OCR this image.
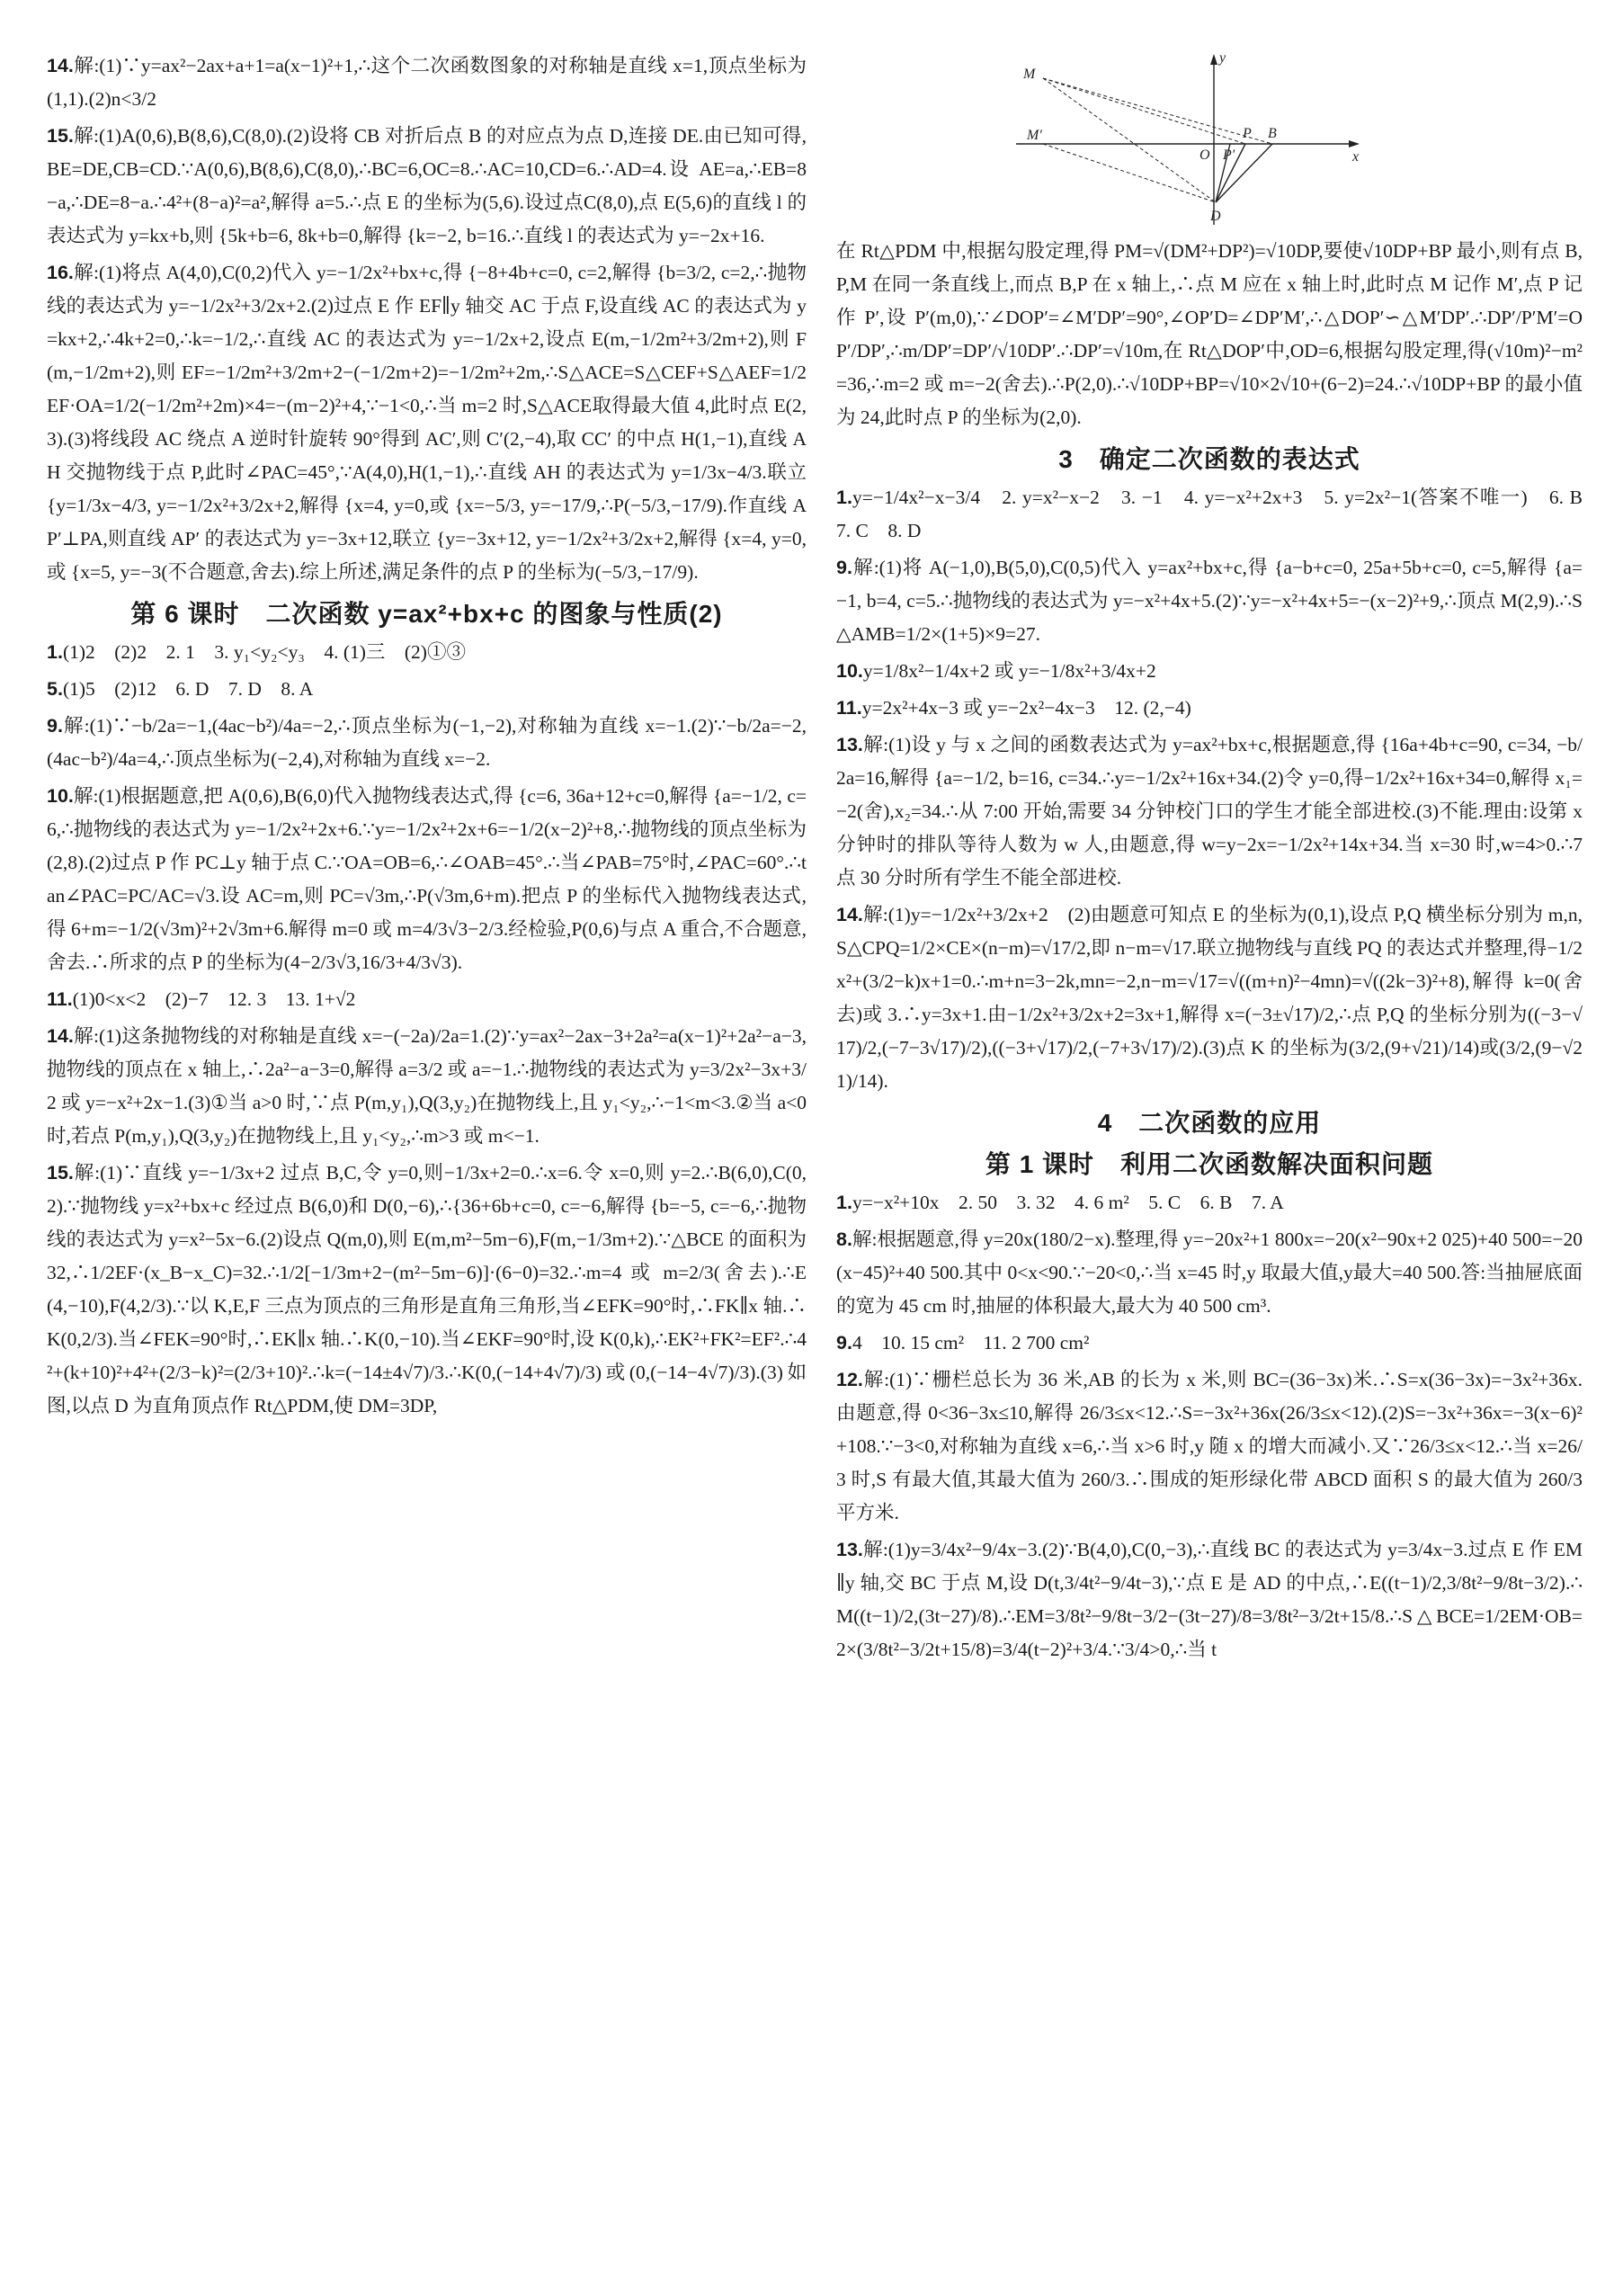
14.解:(1)∵y=ax²−2ax+a+1=a(x−1)²+1,∴这个二次函数图象的对称轴是直线 x=1,顶点坐标为(1,1).(2)n<3/2

15.解:(1)A(0,6),B(8,6),C(8,0).(2)设将 CB 对折后点 B 的对应点为点 D,连接 DE.由已知可得,BE=DE,CB=CD.∵A(0,6),B(8,6),C(8,0),∴BC=6,OC=8.∴AC=10,CD=6.∴AD=4.设 AE=a,∴EB=8−a,∴DE=8−a.∴4²+(8−a)²=a²,解得 a=5.∴点 E 的坐标为(5,6).设过点C(8,0),点 E(5,6)的直线 l 的表达式为 y=kx+b,则 {5k+b=6, 8k+b=0,解得 {k=−2, b=16.∴直线 l 的表达式为 y=−2x+16.

16.解:(1)将点 A(4,0),C(0,2)代入 y=−1/2x²+bx+c,得 {−8+4b+c=0, c=2,解得 {b=3/2, c=2,∴抛物线的表达式为 y=−1/2x²+3/2x+2.(2)过点 E 作 EF∥y 轴交 AC 于点 F,设直线 AC 的表达式为 y=kx+2,∴4k+2=0,∴k=−1/2,∴直线 AC 的表达式为 y=−1/2x+2,设点 E(m,−1/2m²+3/2m+2),则 F(m,−1/2m+2),则 EF=−1/2m²+3/2m+2−(−1/2m+2)=−1/2m²+2m,∴S△ACE=S△CEF+S△AEF=1/2EF·OA=1/2(−1/2m²+2m)×4=−(m−2)²+4,∵−1<0,∴当 m=2 时,S△ACE取得最大值 4,此时点 E(2,3).(3)将线段 AC 绕点 A 逆时针旋转 90°得到 AC′,则 C′(2,−4),取 CC′ 的中点 H(1,−1),直线 AH 交抛物线于点 P,此时∠PAC=45°,∵A(4,0),H(1,−1),∴直线 AH 的表达式为 y=1/3x−4/3.联立 {y=1/3x−4/3, y=−1/2x²+3/2x+2,解得 {x=4, y=0,或 {x=−5/3, y=−17/9,∴P(−5/3,−17/9).作直线 AP′⊥PA,则直线 AP′ 的表达式为 y=−3x+12,联立 {y=−3x+12, y=−1/2x²+3/2x+2,解得 {x=4, y=0,或 {x=5, y=−3(不合题意,舍去).综上所述,满足条件的点 P 的坐标为(−5/3,−17/9).

第 6 课时　二次函数 y=ax²+bx+c 的图象与性质(2)

1.(1)2　(2)2　2. 1　3. y₁<y₂<y₃　4. (1)三　(2)①③

5.(1)5　(2)12　6. D　7. D　8. A

9.解:(1)∵−b/2a=−1,(4ac−b²)/4a=−2,∴顶点坐标为(−1,−2),对称轴为直线 x=−1.(2)∵−b/2a=−2,(4ac−b²)/4a=4,∴顶点坐标为(−2,4),对称轴为直线 x=−2.

10.解:(1)根据题意,把 A(0,6),B(6,0)代入抛物线表达式,得 {c=6, 36a+12+c=0,解得 {a=−1/2, c=6,∴抛物线的表达式为 y=−1/2x²+2x+6.∵y=−1/2x²+2x+6=−1/2(x−2)²+8,∴抛物线的顶点坐标为(2,8).(2)过点 P 作 PC⊥y 轴于点 C.∵OA=OB=6,∴∠OAB=45°.∴当∠PAB=75°时,∠PAC=60°.∴tan∠PAC=PC/AC=√3.设 AC=m,则 PC=√3m,∴P(√3m,6+m).把点 P 的坐标代入抛物线表达式,得 6+m=−1/2(√3m)²+2√3m+6.解得 m=0 或 m=4/3√3−2/3.经检验,P(0,6)与点 A 重合,不合题意,舍去.∴所求的点 P 的坐标为(4−2/3√3,16/3+4/3√3).

11.(1)0<x<2　(2)−7　12. 3　13. 1+√2

14.解:(1)这条抛物线的对称轴是直线 x=−(−2a)/2a=1.(2)∵y=ax²−2ax−3+2a²=a(x−1)²+2a²−a−3,抛物线的顶点在 x 轴上,∴2a²−a−3=0,解得 a=3/2 或 a=−1.∴抛物线的表达式为 y=3/2x²−3x+3/2 或 y=−x²+2x−1.(3)①当 a>0 时,∵点 P(m,y₁),Q(3,y₂)在抛物线上,且 y₁<y₂,∴−1<m<3.②当 a<0 时,若点 P(m,y₁),Q(3,y₂)在抛物线上,且 y₁<y₂,∴m>3 或 m<−1.

15.解:(1)∵直线 y=−1/3x+2 过点 B,C,令 y=0,则−1/3x+2=0.∴x=6.令 x=0,则 y=2.∴B(6,0),C(0,2).∵抛物线 y=x²+bx+c 经过点 B(6,0)和 D(0,−6),∴{36+6b+c=0, c=−6,解得 {b=−5, c=−6,∴抛物线的表达式为 y=x²−5x−6.(2)设点 Q(m,0),则 E(m,m²−5m−6),F(m,−1/3m+2).∵△BCE 的面积为 32,∴1/2EF·(x_B−x_C)=32.∴1/2[−1/3m+2−(m²−5m−6)]·(6−0)=32.∴m=4 或 m=2/3(舍去).∴E(4,−10),F(4,2/3).∵以 K,E,F 三点为顶点的三角形是直角三角形,当∠EFK=90°时,∴FK∥x 轴.∴K(0,2/3).当∠FEK=90°时,∴EK∥x 轴.∴K(0,−10).当∠EKF=90°时,设 K(0,k),∴EK²+FK²=EF².∴4²+(k+10)²+4²+(2/3−k)²=(2/3+10)².∴k=(−14±4√7)/3.∴K(0,(−14+4√7)/3)或(0,(−14−4√7)/3).(3)如图,以点 D 为直角顶点作 Rt△PDM,使 DM=3DP,

M
M′
y
P B
O P′	x
D

在 Rt△PDM 中,根据勾股定理,得 PM=√(DM²+DP²)=√10DP,要使√10DP+BP 最小,则有点 B,P,M 在同一条直线上,而点 B,P 在 x 轴上,∴点 M 应在 x 轴上时,此时点 M 记作 M′,点 P 记作 P′,设 P′(m,0),∵∠DOP′=∠M′DP′=90°,∠OP′D=∠DP′M′,∴△DOP′∽△M′DP′.∴DP′/P′M′=OP′/DP′,∴m/DP′=DP′/√10DP′.∴DP′=√10m,在 Rt△DOP′中,OD=6,根据勾股定理,得(√10m)²−m²=36,∴m=2 或 m=−2(舍去).∴P(2,0).∴√10DP+BP=√10×2√10+(6−2)=24.∴√10DP+BP 的最小值为 24,此时点 P 的坐标为(2,0).

3　确定二次函数的表达式

1.y=−1/4x²−x−3/4　2. y=x²−x−2　3. −1　4. y=−x²+2x+3　5. y=2x²−1(答案不唯一)　6. B　7. C　8. D

9.解:(1)将 A(−1,0),B(5,0),C(0,5)代入 y=ax²+bx+c,得 {a−b+c=0, 25a+5b+c=0, c=5,解得 {a=−1, b=4, c=5.∴抛物线的表达式为 y=−x²+4x+5.(2)∵y=−x²+4x+5=−(x−2)²+9,∴顶点 M(2,9).∴S△AMB=1/2×(1+5)×9=27.

10.y=1/8x²−1/4x+2 或 y=−1/8x²+3/4x+2

11.y=2x²+4x−3 或 y=−2x²−4x−3　12. (2,−4)

13.解:(1)设 y 与 x 之间的函数表达式为 y=ax²+bx+c,根据题意,得 {16a+4b+c=90, c=34, −b/2a=16,解得 {a=−1/2, b=16, c=34.∴y=−1/2x²+16x+34.(2)令 y=0,得−1/2x²+16x+34=0,解得 x₁=−2(舍),x₂=34.∴从 7:00 开始,需要 34 分钟校门口的学生才能全部进校.(3)不能.理由:设第 x 分钟时的排队等待人数为 w 人,由题意,得 w=y−2x=−1/2x²+14x+34.当 x=30 时,w=4>0.∴7 点 30 分时所有学生不能全部进校.

14.解:(1)y=−1/2x²+3/2x+2　(2)由题意可知点 E 的坐标为(0,1),设点 P,Q 横坐标分别为 m,n,S△CPQ=1/2×CE×(n−m)=√17/2,即 n−m=√17.联立抛物线与直线 PQ 的表达式并整理,得−1/2x²+(3/2−k)x+1=0.∴m+n=3−2k,mn=−2,n−m=√17=√((m+n)²−4mn)=√((2k−3)²+8),解得 k=0(舍去)或 3.∴y=3x+1.由−1/2x²+3/2x+2=3x+1,解得 x=(−3±√17)/2,∴点 P,Q 的坐标分别为((−3−√17)/2,(−7−3√17)/2),((−3+√17)/2,(−7+3√17)/2).(3)点 K 的坐标为(3/2,(9+√21)/14)或(3/2,(9−√21)/14).

4　二次函数的应用
第 1 课时　利用二次函数解决面积问题

1.y=−x²+10x　2. 50　3. 32　4. 6 m²　5. C　6. B　7. A

8.解:根据题意,得 y=20x(180/2−x).整理,得 y=−20x²+1 800x=−20(x²−90x+2 025)+40 500=−20(x−45)²+40 500.其中 0<x<90.∵−20<0,∴当 x=45 时,y 取最大值,y最大=40 500.答:当抽屉底面的宽为 45 cm 时,抽屉的体积最大,最大为 40 500 cm³.

9.4　10. 15 cm²　11. 2 700 cm²

12.解:(1)∵栅栏总长为 36 米,AB 的长为 x 米,则 BC=(36−3x)米.∴S=x(36−3x)=−3x²+36x.由题意,得 0<36−3x≤10,解得 26/3≤x<12.∴S=−3x²+36x(26/3≤x<12).(2)S=−3x²+36x=−3(x−6)²+108.∵−3<0,对称轴为直线 x=6,∴当 x>6 时,y 随 x 的增大而减小.又∵26/3≤x<12.∴当 x=26/3 时,S 有最大值,其最大值为 260/3.∴围成的矩形绿化带 ABCD 面积 S 的最大值为 260/3 平方米.

13.解:(1)y=3/4x²−9/4x−3.(2)∵B(4,0),C(0,−3),∴直线 BC 的表达式为 y=3/4x−3.过点 E 作 EM∥y 轴,交 BC 于点 M,设 D(t,3/4t²−9/4t−3),∵点 E 是 AD 的中点,∴E((t−1)/2,3/8t²−9/8t−3/2).∴M((t−1)/2,(3t−27)/8).∴EM=3/8t²−9/8t−3/2−(3t−27)/8=3/8t²−3/2t+15/8.∴S△BCE=1/2EM·OB=2×(3/8t²−3/2t+15/8)=3/4(t−2)²+3/4.∵3/4>0,∴当 t
